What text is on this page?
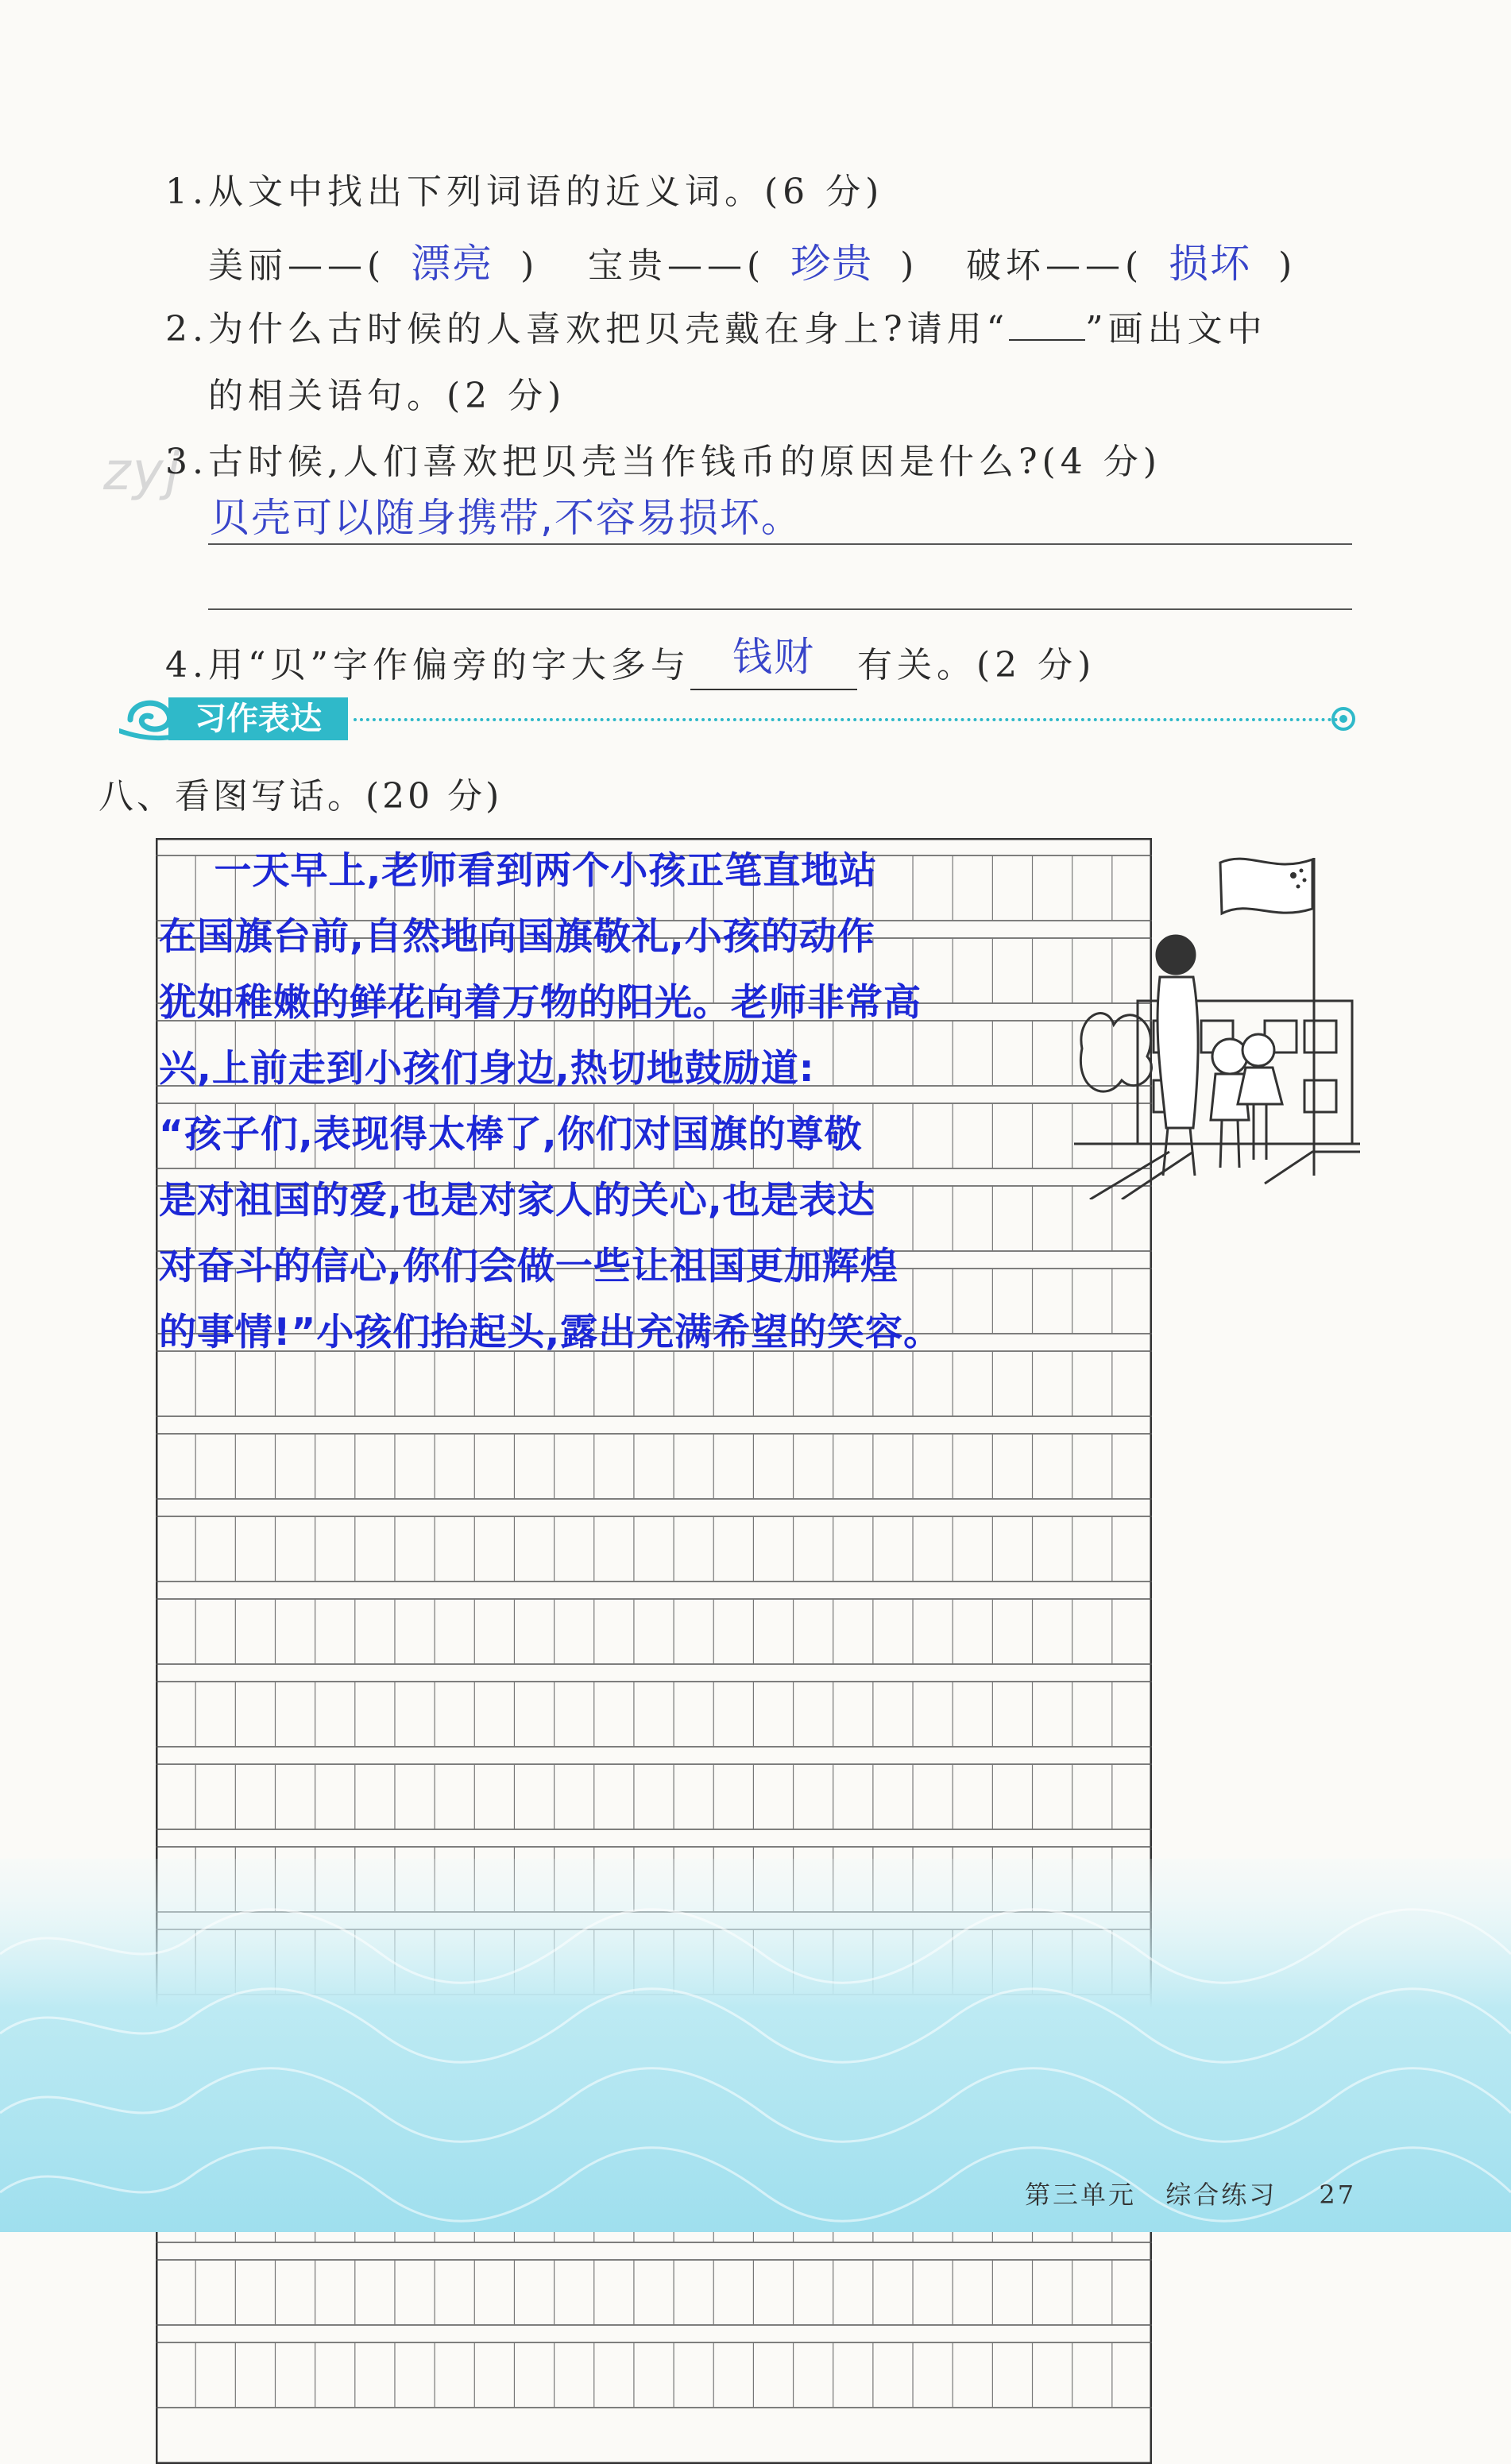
zyj
1.从文中找出下列词语的近义词。(6 分)
美丽——( 漂亮 ) 宝贵——( 珍贵 ) 破坏——( 损坏 )
2.为什么古时候的人喜欢把贝壳戴在身上?请用“ ”画出文中
的相关语句。(2 分)
3.古时候,人们喜欢把贝壳当作钱币的原因是什么?(4 分)
贝壳可以随身携带,不容易损坏。
4.用“贝”字作偏旁的字大多与 钱财 有关。(2 分)
习作表达
八、看图写话。(20 分)
一天早上,老师看到两个小孩正笔直地站
在国旗台前,自然地向国旗敬礼,小孩的动作
犹如稚嫩的鲜花向着万物的阳光。老师非常高
兴,上前走到小孩们身边,热切地鼓励道:
“孩子们,表现得太棒了,你们对国旗的尊敬
是对祖国的爱,也是对家人的关心,也是表达
对奋斗的信心,你们会做一些让祖国更加辉煌
的事情!”小孩们抬起头,露出充满希望的笑容。
第三单元 综合练习 27
